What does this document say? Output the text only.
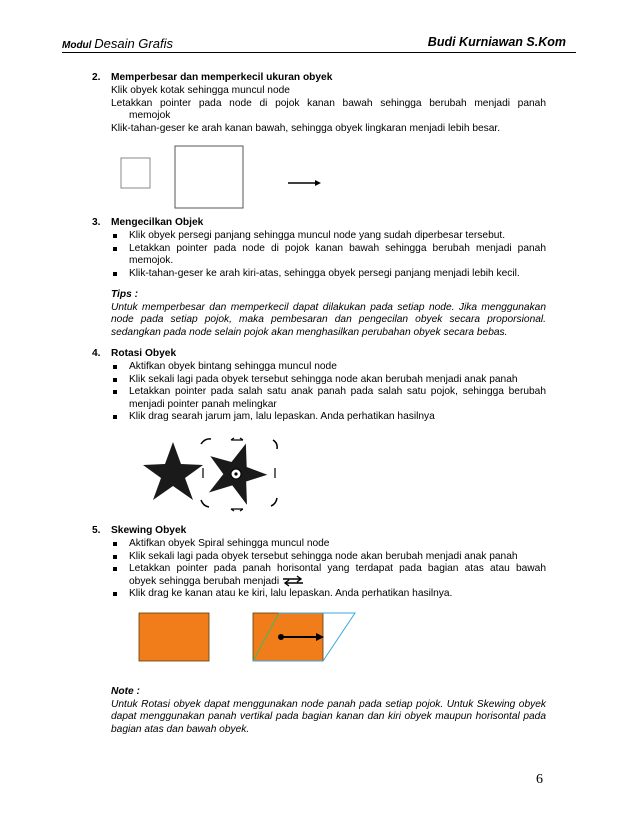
Modul Desain Grafis	Budi Kurniawan S.Kom
2. Memperbesar dan memperkecil ukuran obyek
Klik obyek kotak sehingga muncul node
Letakkan pointer pada node di pojok kanan bawah sehingga berubah menjadi panah
memojok
Klik-tahan-geser ke arah kanan bawah, sehingga obyek lingkaran menjadi lebih besar.
3. Mengecilkan Objek
Klik obyek persegi panjang sehingga muncul node yang sudah diperbesar tersebut.
Letakkan pointer pada node di pojok kanan bawah sehingga berubah menjadi panah memojok.
Klik-tahan-geser ke arah kiri-atas, sehingga obyek persegi panjang menjadi lebih kecil.
Tips :
Untuk memperbesar dan memperkecil dapat dilakukan pada setiap node. Jika menggunakan node pada setiap pojok, maka pembesaran dan pengecilan obyek secara proporsional. sedangkan pada node selain pojok akan menghasilkan perubahan obyek secara bebas.
4. Rotasi Obyek
Aktifkan obyek bintang sehingga muncul node
Klik sekali lagi pada obyek tersebut sehingga node akan berubah menjadi anak panah
Letakkan pointer pada salah satu anak panah pada salah satu pojok, sehingga berubah menjadi pointer panah melingkar
Klik drag searah jarum jam, lalu lepaskan. Anda perhatikan hasilnya
5. Skewing Obyek
Aktifkan obyek Spiral sehingga muncul node
Klik sekali lagi pada obyek tersebut sehingga node akan berubah menjadi anak panah
Letakkan pointer pada panah horisontal yang terdapat pada bagian atas atau bawah
obyek sehingga berubah menjadi
Klik drag ke kanan atau ke kiri, lalu lepaskan. Anda perhatikan hasilnya.
Note :
Untuk Rotasi obyek dapat menggunakan node panah pada setiap pojok. Untuk Skewing obyek dapat menggunakan panah vertikal pada bagian kanan dan kiri obyek maupun horisontal pada bagian atas dan bawah obyek.
6
